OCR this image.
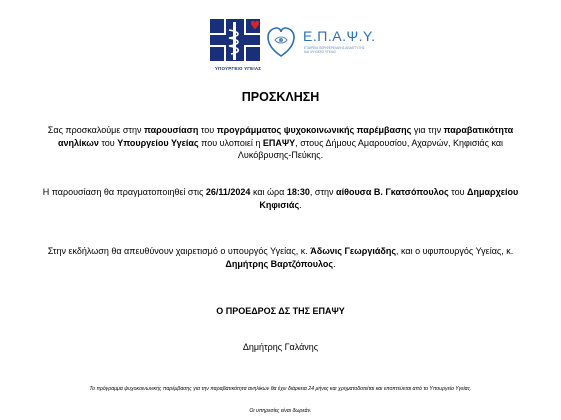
ΥΠΟΥΡΓΕΙΟ ΥΓΕΙΑΣ
Ε.Π.Α.Ψ.Υ.
ΕΤΑΙΡΕΙΑ ΠΕΡΙΦΕΡΕΙΑΚΗΣ ΑΝΑΠΤΥΞΗΣ ΚΑΙ ΨΥΧΙΚΗΣ ΥΓΕΙΑΣ
ΠΡΟΣΚΛΗΣΗ
Σας προσκαλούμε στην παρουσίαση του προγράμματος ψυχοκοινωνικής παρέμβασης για την παραβατικότητα
ανηλίκων του Υπουργείου Υγείας που υλοποιεί η ΕΠΑΨΥ, στους Δήμους Αμαρουσίου, Αχαρνών, Κηφισιάς και
Λυκόβρυσης-Πεύκης.
Η παρουσίαση θα πραγματοποιηθεί στις 26/11/2024 και ώρα 18:30, στην αίθουσα Β. Γκατσόπουλος του Δημαρχείου
Κηφισιάς.
Στην εκδήλωση θα απευθύνουν χαιρετισμό ο υπουργός Υγείας, κ. Άδωνις Γεωργιάδης, και ο υφυπουργός Υγείας, κ.
Δημήτρης Βαρτζόπουλος.
Ο ΠΡΟΕΔΡΟΣ ΔΣ ΤΗΣ ΕΠΑΨΥ
Δημήτρης Γαλάνης
Το πρόγραμμα ψυχοκοινωνικής παρέμβασης για την παραβατικότητα ανηλίκων θα έχει διάρκεια 24 μήνες και χρηματοδοτείται και εποπτεύεται από το Υπουργείο Υγείας.
Οι υπηρεσίες είναι δωρεάν.
